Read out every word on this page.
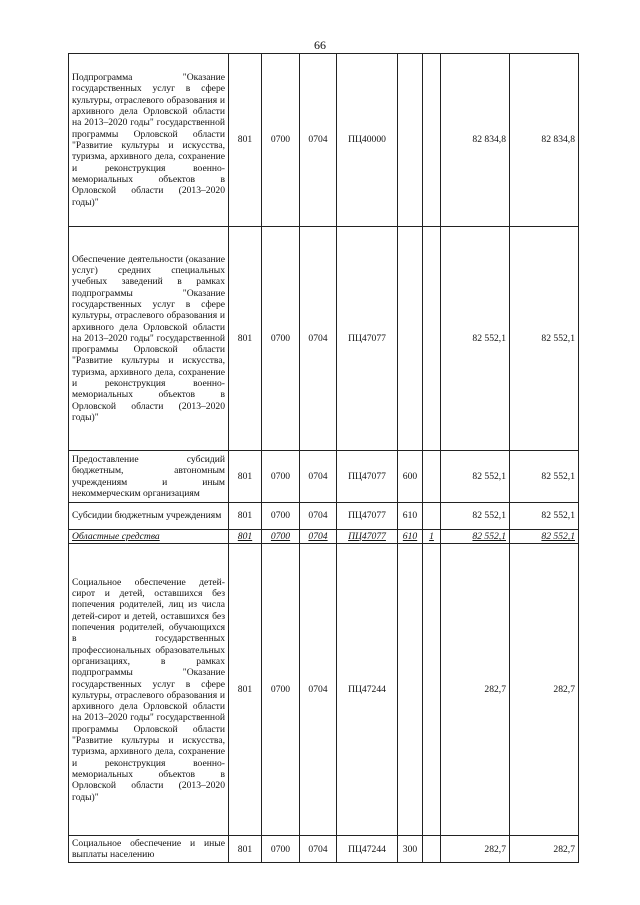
66
Подпрограмма "Оказание государственных услуг в сфере культуры, отраслевого образования и архивного дела Орловской области на 2013–2020 годы" государственной программы Орловской области "Развитие культуры и искусства, туризма, архивного дела, сохранение и реконструкция военно-мемориальных объектов в Орловской области (2013–2020 годы)"	801	0700	0704	ПЦ40000			82 834,8	82 834,8
Обеспечение деятельности (оказание услуг) средних специальных учебных заведений в рамках подпрограммы "Оказание государственных услуг в сфере культуры, отраслевого образования и архивного дела Орловской области на 2013–2020 годы" государственной программы Орловской области "Развитие культуры и искусства, туризма, архивного дела, сохранение и реконструкция военно-мемориальных объектов в Орловской области (2013–2020 годы)"	801	0700	0704	ПЦ47077			82 552,1	82 552,1
Предоставление субсидий бюджетным, автономным учреждениям и иным некоммерческим организациям	801	0700	0704	ПЦ47077	600		82 552,1	82 552,1
Субсидии бюджетным учреждениям	801	0700	0704	ПЦ47077	610		82 552,1	82 552,1
Областные средства	801	0700	0704	ПЦ47077	610	1	82 552,1	82 552,1
Социальное обеспечение детей-сирот и детей, оставшихся без попечения родителей, лиц из числа детей-сирот и детей, оставшихся без попечения родителей, обучающихся в государственных профессиональных образовательных организациях, в рамках подпрограммы "Оказание государственных услуг в сфере культуры, отраслевого образования и архивного дела Орловской области на 2013–2020 годы" государственной программы Орловской области "Развитие культуры и искусства, туризма, архивного дела, сохранение и реконструкция военно-мемориальных объектов в Орловской области (2013–2020 годы)"	801	0700	0704	ПЦ47244			282,7	282,7
Социальное обеспечение и иные выплаты населению	801	0700	0704	ПЦ47244	300		282,7	282,7
